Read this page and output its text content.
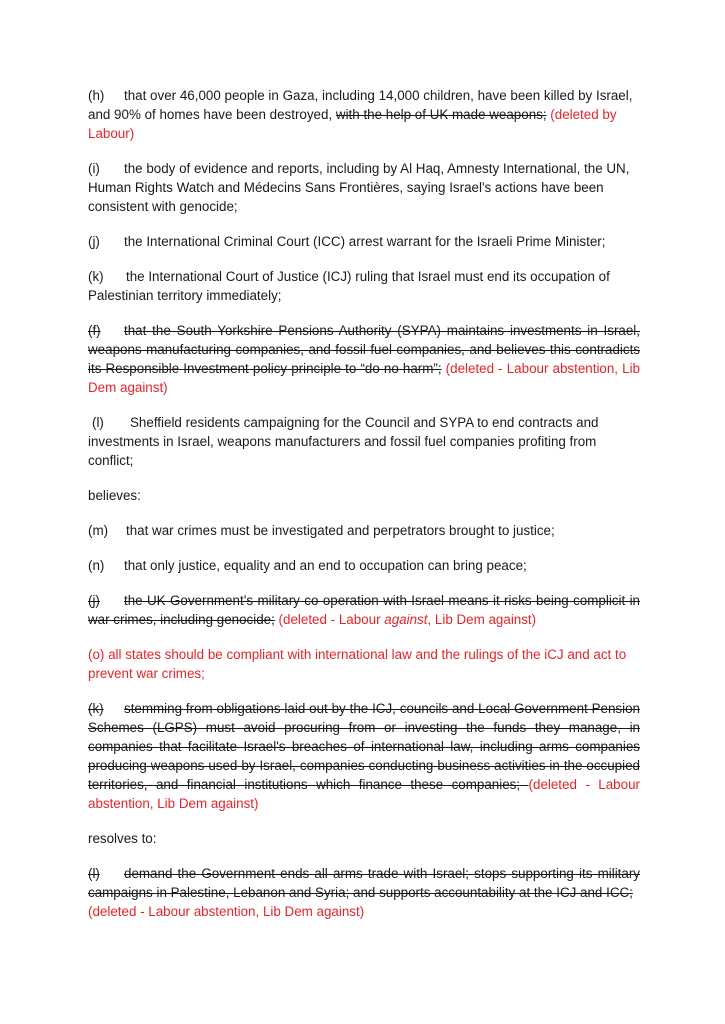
(h) that over 46,000 people in Gaza, including 14,000 children, have been killed by Israel, and 90% of homes have been destroyed, with the help of UK made weapons; (deleted by Labour)

(i) the body of evidence and reports, including by Al Haq, Amnesty International, the UN, Human Rights Watch and Médecins Sans Frontières, saying Israel's actions have been consistent with genocide;

(j) the International Criminal Court (ICC) arrest warrant for the Israeli Prime Minister;

(k) the International Court of Justice (ICJ) ruling that Israel must end its occupation of Palestinian territory immediately;

(f) that the South Yorkshire Pensions Authority (SYPA) maintains investments in Israel, weapons manufacturing companies, and fossil fuel companies, and believes this contradicts its Responsible Investment policy principle to “do no harm”; (deleted - Labour abstention, Lib Dem against)

(l) Sheffield residents campaigning for the Council and SYPA to end contracts and investments in Israel, weapons manufacturers and fossil fuel companies profiting from conflict;

believes:

(m) that war crimes must be investigated and perpetrators brought to justice;

(n) that only justice, equality and an end to occupation can bring peace;

(j) the UK Government’s military co-operation with Israel means it risks being complicit in war crimes, including genocide; (deleted - Labour against, Lib Dem against)

(o) all states should be compliant with international law and the rulings of the iCJ and act to prevent war crimes;

(k) stemming from obligations laid out by the ICJ, councils and Local Government Pension Schemes (LGPS) must avoid procuring from or investing the funds they manage, in companies that facilitate Israel's breaches of international law, including arms companies producing weapons used by Israel, companies conducting business activities in the occupied territories, and financial institutions which finance these companies; (deleted - Labour abstention, Lib Dem against)

resolves to:

(l) demand the Government ends all arms trade with Israel; stops supporting its military campaigns in Palestine, Lebanon and Syria; and supports accountability at the ICJ and ICC;
(deleted - Labour abstention, Lib Dem against)
